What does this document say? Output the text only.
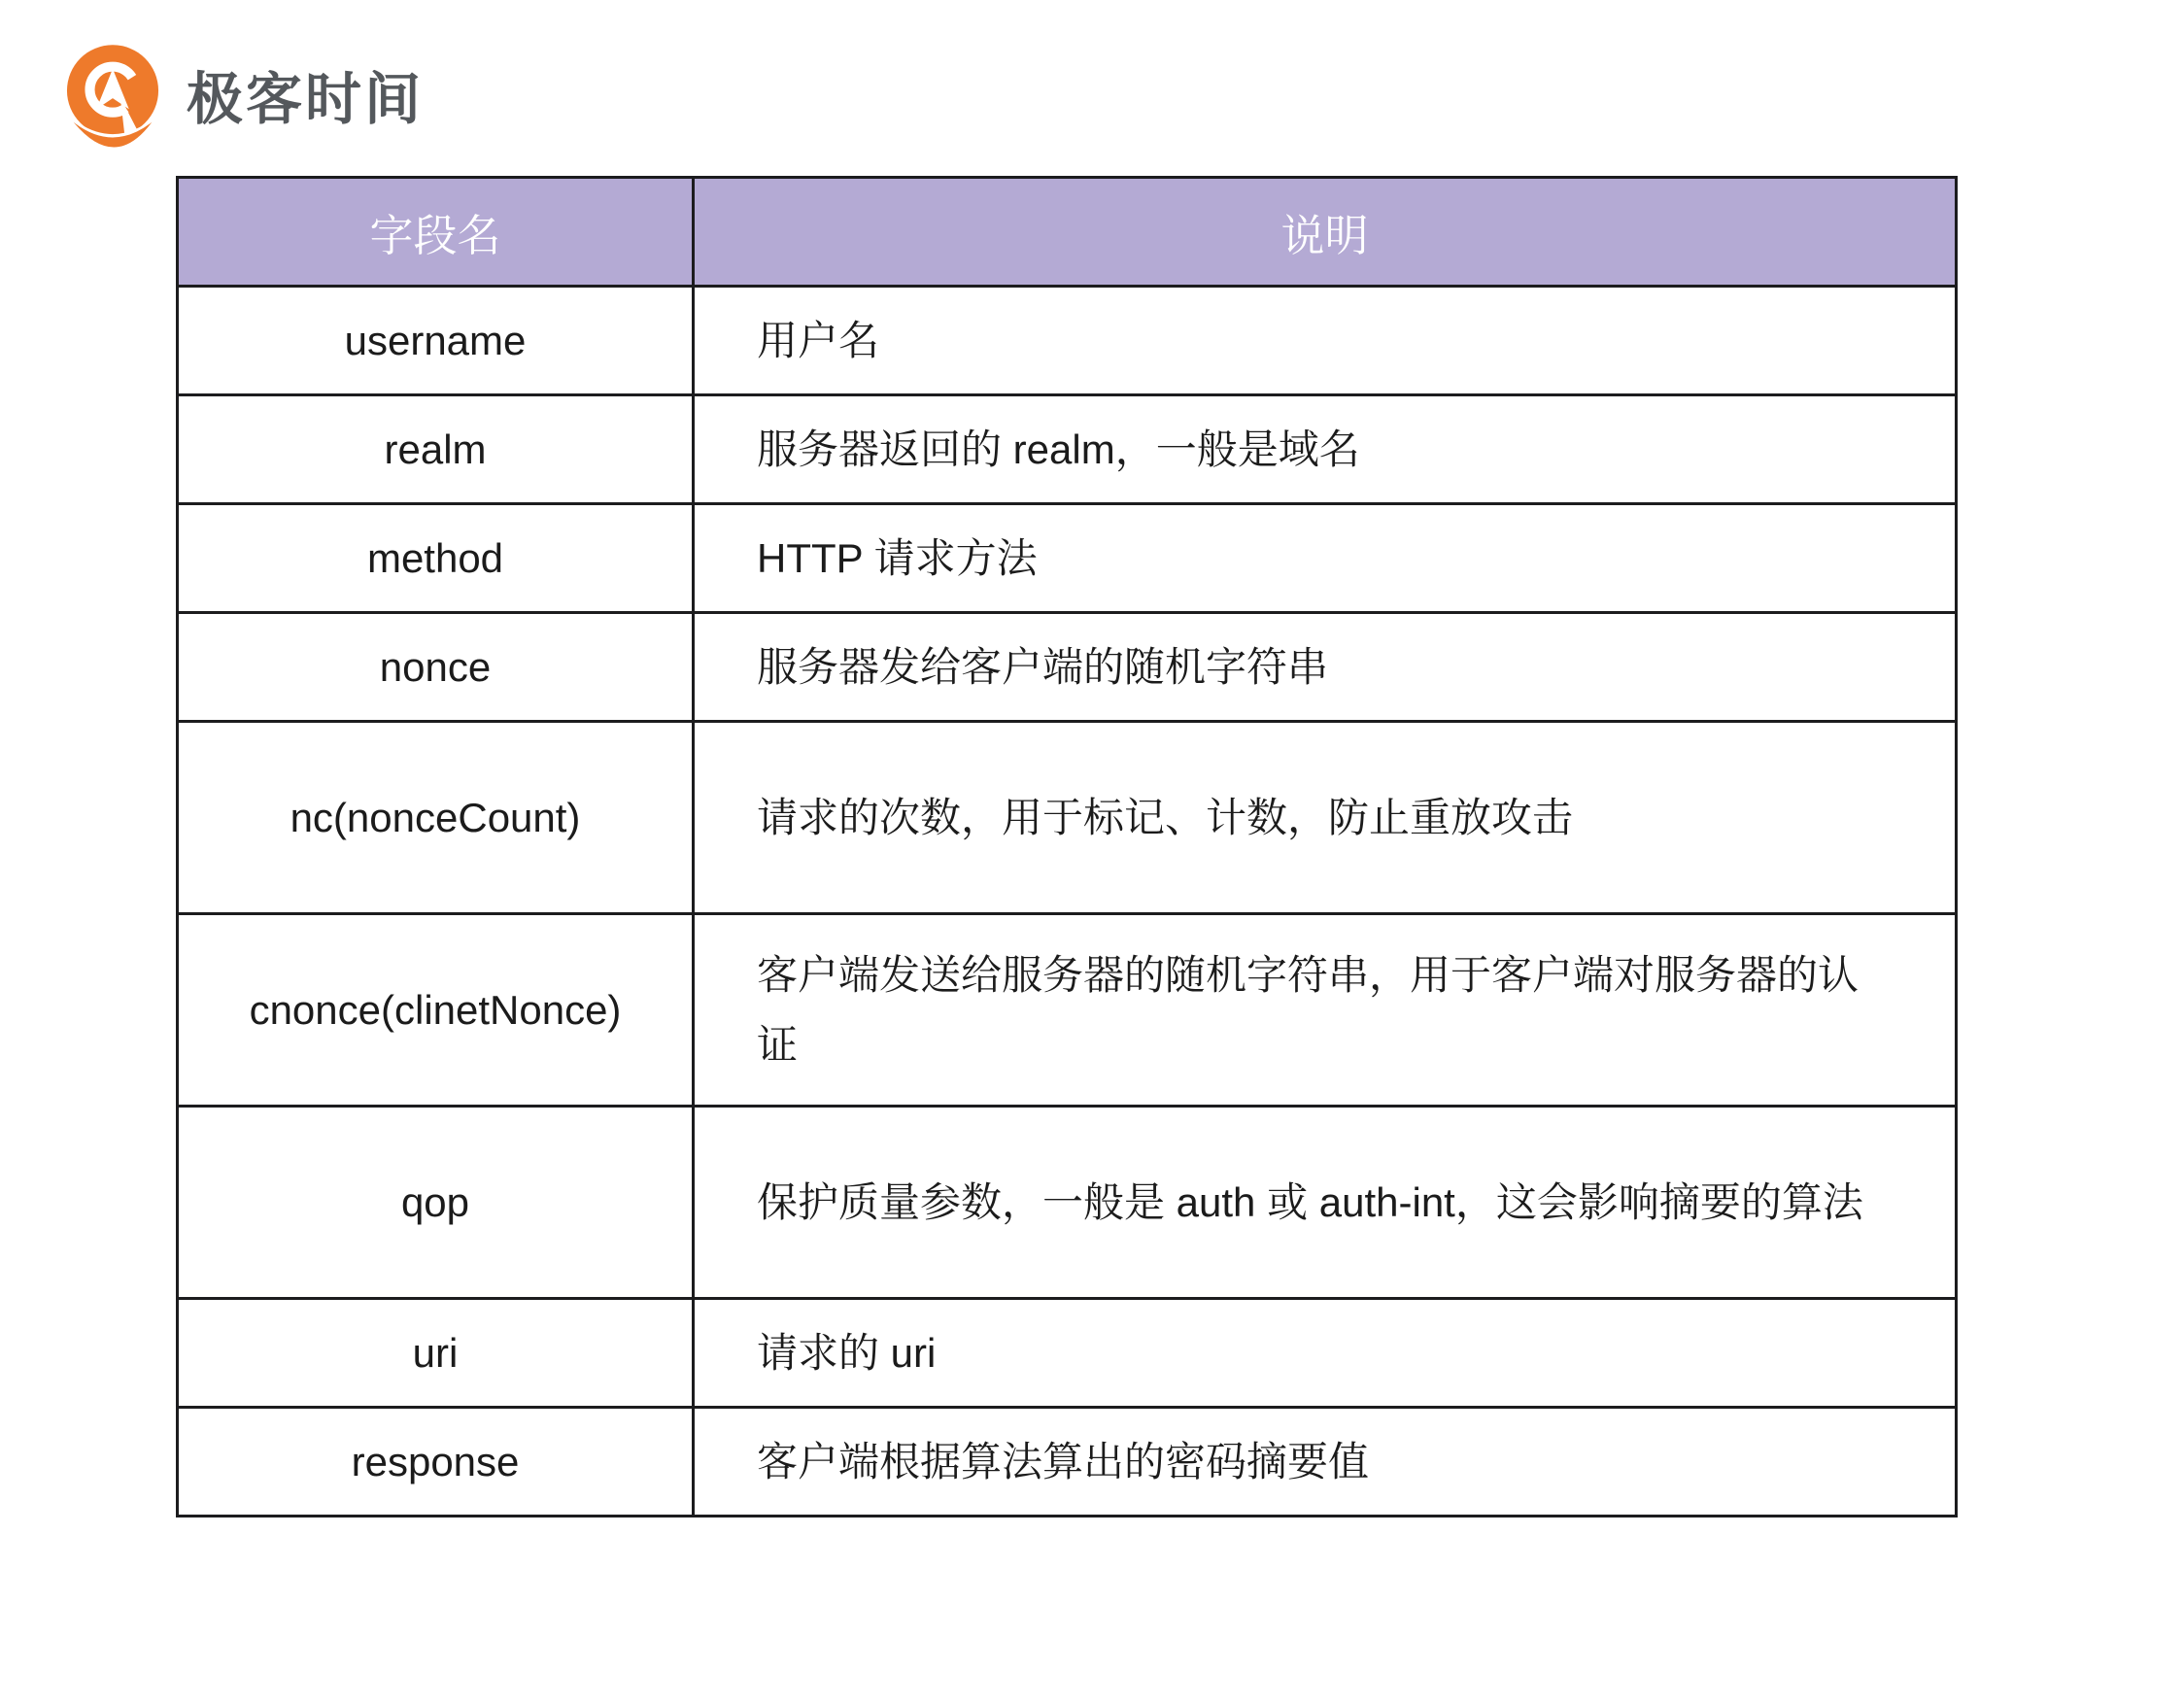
极客时间
字段名	说明
username	用户名
realm	服务器返回的 realm，一般是域名
method	HTTP 请求方法
nonce	服务器发给客户端的随机字符串
nc(nonceCount)	请求的次数，用于标记、计数，防止重放攻击
cnonce(clinetNonce)	客户端发送给服务器的随机字符串，用于客户端对服务器的认证
qop	保护质量参数，一般是 auth 或 auth-int，这会影响摘要的算法
uri	请求的 uri
response	客户端根据算法算出的密码摘要值
